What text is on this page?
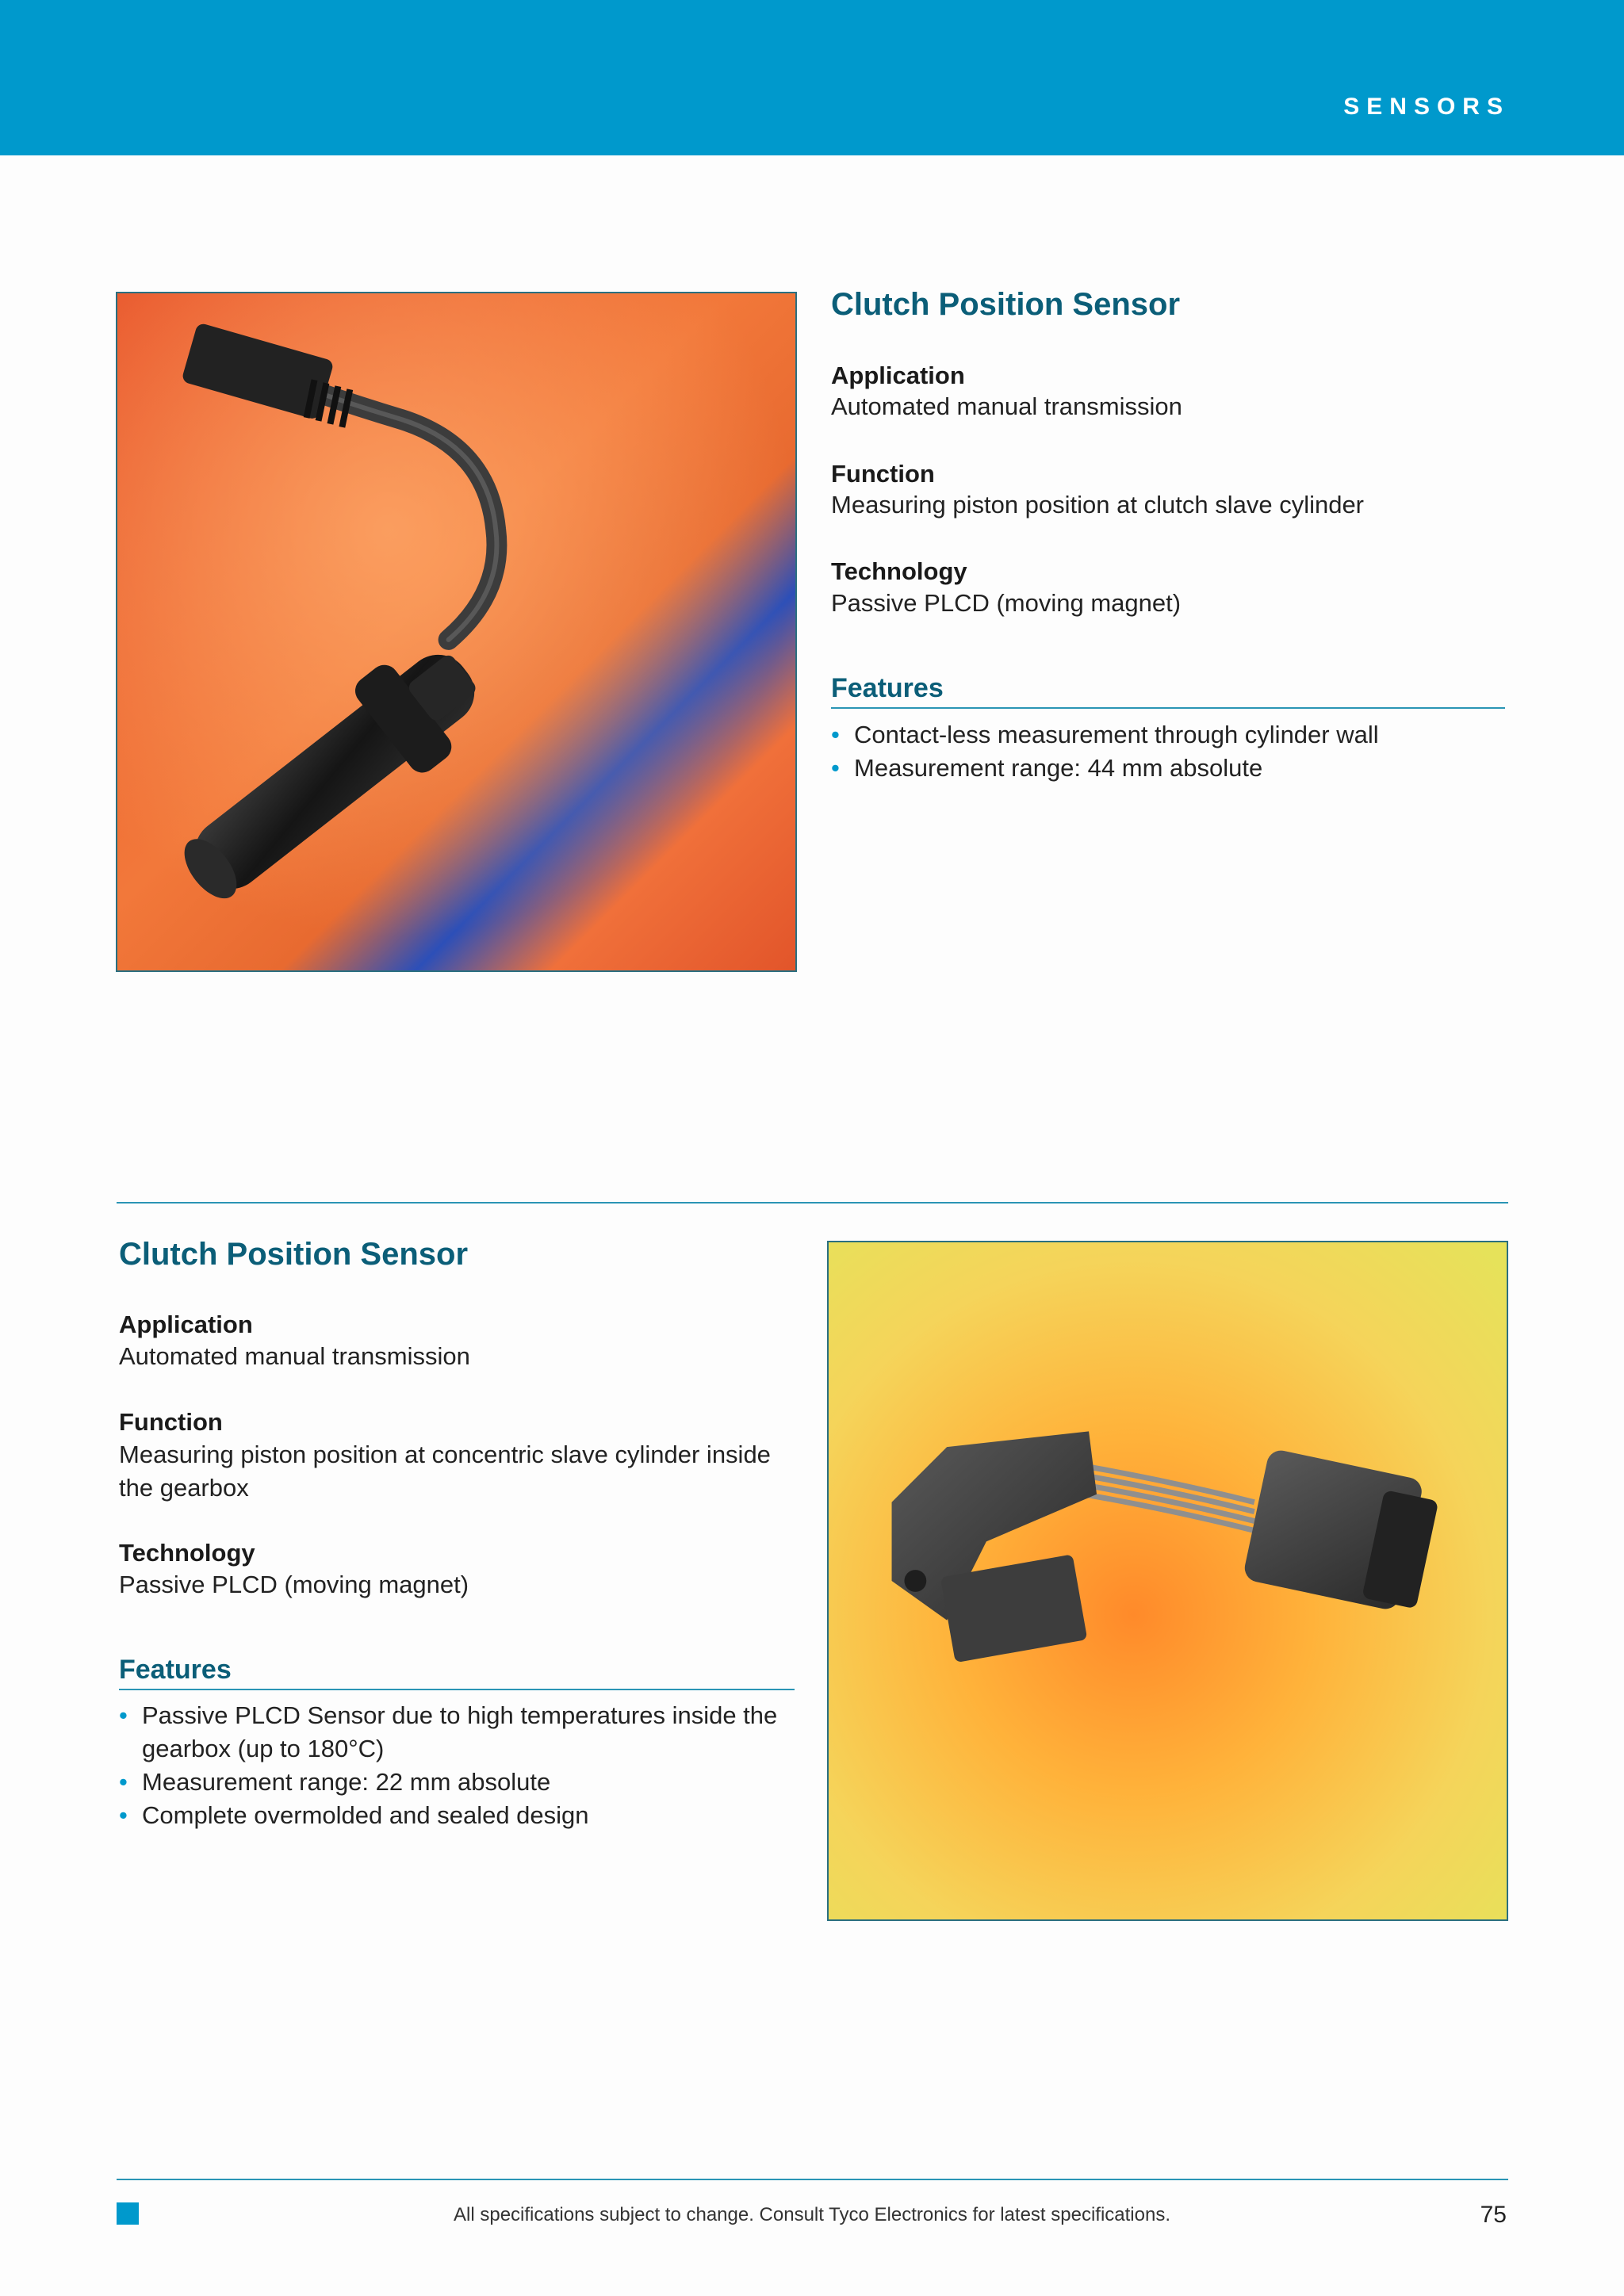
SENSORS
Clutch Position Sensor
Application
Automated manual transmission
Function
Measuring piston position at clutch slave cylinder
Technology
Passive PLCD (moving magnet)
Features
• Contact-less measurement through cylinder wall
• Measurement range: 44 mm absolute
Clutch Position Sensor
Application
Automated manual transmission
Function
Measuring piston position at concentric slave cylinder inside the gearbox
Technology
Passive PLCD (moving magnet)
Features
• Passive PLCD Sensor due to high temperatures inside the gearbox (up to 180°C)
• Measurement range: 22 mm absolute
• Complete overmolded and sealed design
All specifications subject to change. Consult Tyco Electronics for latest specifications.	75
